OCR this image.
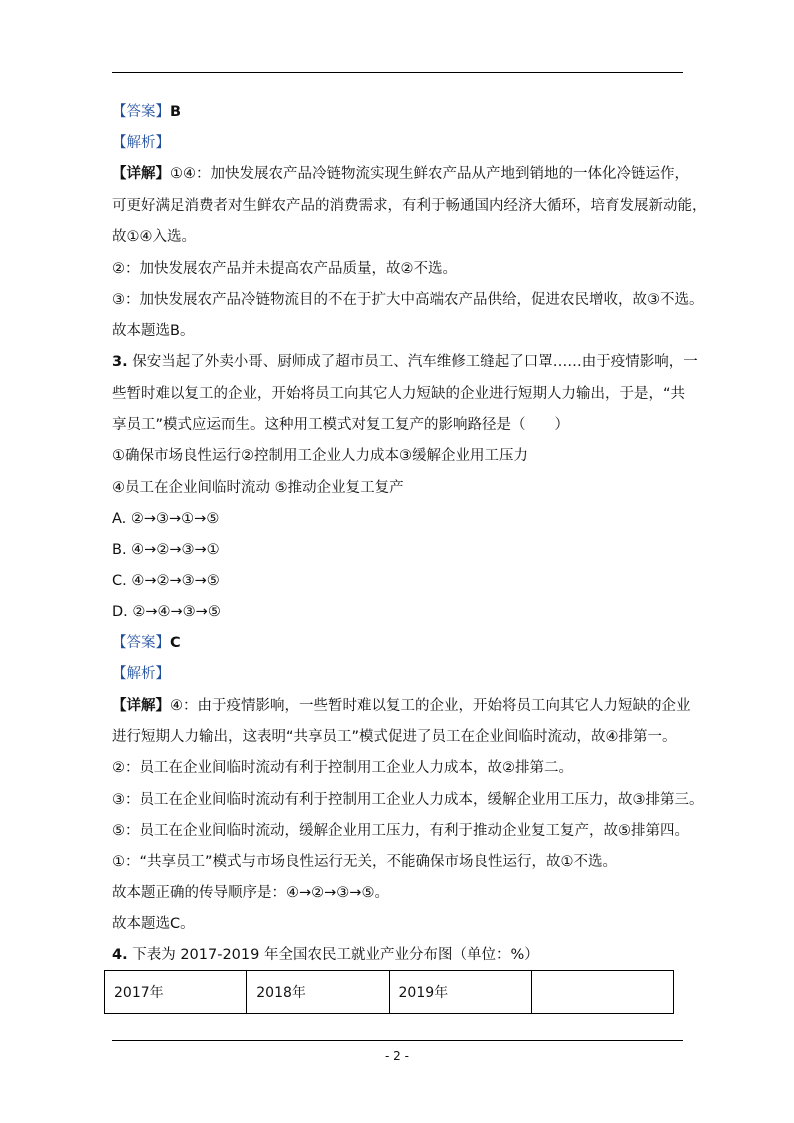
【答案】B
【解析】
【详解】①④：加快发展农产品冷链物流实现生鲜农产品从产地到销地的一体化冷链运作，
可更好满足消费者对生鲜农产品的消费需求，有利于畅通国内经济大循环，培育发展新动能，
故①④入选。
②：加快发展农产品并未提高农产品质量，故②不选。
③：加快发展农产品冷链物流目的不在于扩大中高端农产品供给，促进农民增收，故③不选。
故本题选B。
3. 保安当起了外卖小哥、厨师成了超市员工、汽车维修工缝起了口罩……由于疫情影响，一
些暂时难以复工的企业，开始将员工向其它人力短缺的企业进行短期人力输出，于是，“共
享员工”模式应运而生。这种用工模式对复工复产的影响路径是（　　）
①确保市场良性运行②控制用工企业人力成本③缓解企业用工压力
④员工在企业间临时流动 ⑤推动企业复工复产
A. ②→③→①→⑤
B. ④→②→③→①
C. ④→②→③→⑤
D. ②→④→③→⑤
【答案】C
【解析】
【详解】④：由于疫情影响，一些暂时难以复工的企业，开始将员工向其它人力短缺的企业
进行短期人力输出，这表明“共享员工”模式促进了员工在企业间临时流动，故④排第一。
②：员工在企业间临时流动有利于控制用工企业人力成本，故②排第二。
③：员工在企业间临时流动有利于控制用工企业人力成本，缓解企业用工压力，故③排第三。
⑤：员工在企业间临时流动，缓解企业用工压力，有利于推动企业复工复产，故⑤排第四。
①：“共享员工”模式与市场良性运行无关，不能确保市场良性运行，故①不选。
故本题正确的传导顺序是：④→②→③→⑤。
故本题选C。
4. 下表为 2017-2019 年全国农民工就业产业分布图（单位：%）
2017年	2018年	2019年	
- 2 -
